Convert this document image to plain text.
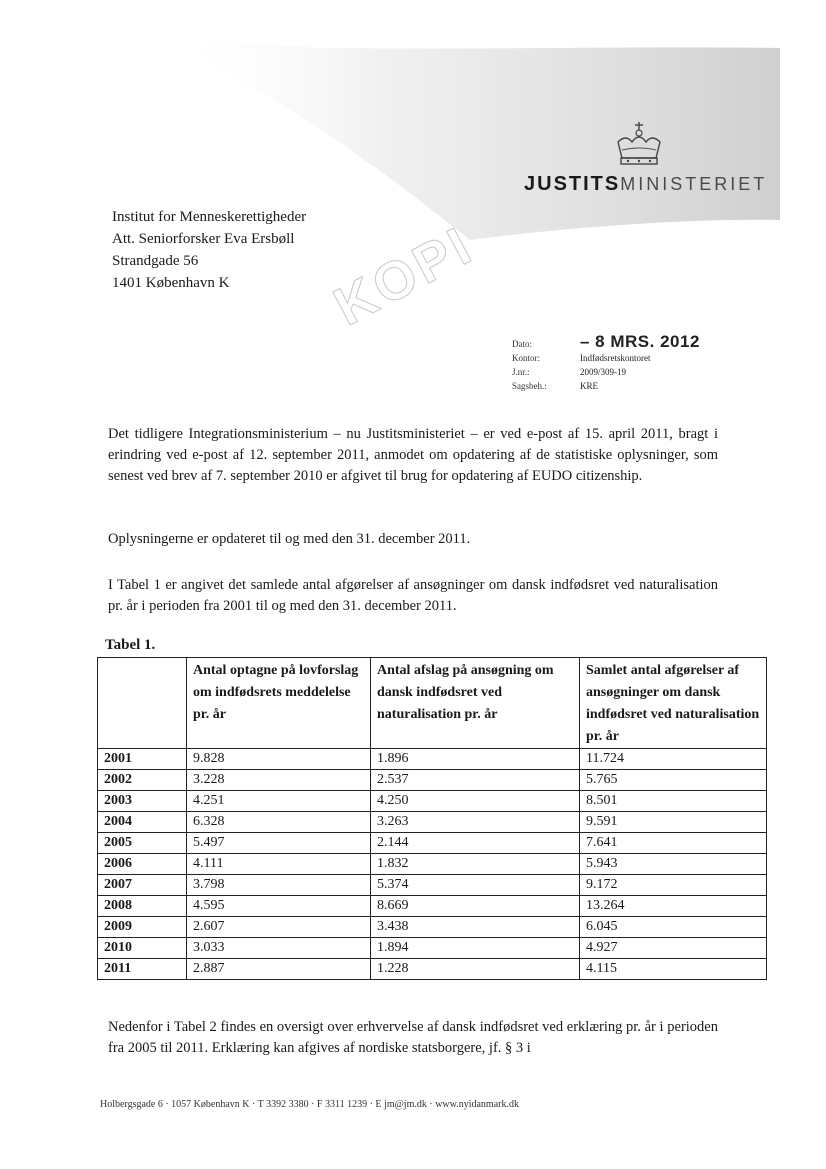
JUSTITSMINISTERIET
KOPI
Institut for Menneskerettigheder
Att. Seniorforsker Eva Ersbøll
Strandgade 56
1401 København K
Dato:	– 8 MRS. 2012
Kontor:	Indfødsretskontoret
J.nr.:	2009/309-19
Sagsbeh.:	KRE
Det tidligere Integrationsministerium – nu Justitsministeriet – er ved e-post af 15. april 2011, bragt i erindring ved e-post af 12. september 2011, anmodet om opdatering af de statistiske oplysninger, som senest ved brev af 7. september 2010 er afgivet til brug for opdatering af EUDO citizenship.
Oplysningerne er opdateret til og med den 31. december 2011.
I Tabel 1 er angivet det samlede antal afgørelser af ansøgninger om dansk indfødsret ved naturalisation pr. år i perioden fra 2001 til og med den 31. december 2011.
Tabel 1.
	Antal optagne på lovforslag om indfødsrets meddelelse pr. år	Antal afslag på ansøgning om dansk indfødsret ved naturalisation pr. år	Samlet antal afgørelser af ansøgninger om dansk indfødsret ved naturalisation pr. år
2001	9.828	1.896	11.724
2002	3.228	2.537	5.765
2003	4.251	4.250	8.501
2004	6.328	3.263	9.591
2005	5.497	2.144	7.641
2006	4.111	1.832	5.943
2007	3.798	5.374	9.172
2008	4.595	8.669	13.264
2009	2.607	3.438	6.045
2010	3.033	1.894	4.927
2011	2.887	1.228	4.115
Nedenfor i Tabel 2 findes en oversigt over erhvervelse af dansk indfødsret ved erklæring pr. år i perioden fra 2005 til 2011. Erklæring kan afgives af nordiske statsborgere, jf. § 3 i
Holbergsgade 6 · 1057 København K · T 3392 3380 · F 3311 1239 · E jm@jm.dk · www.nyidanmark.dk
